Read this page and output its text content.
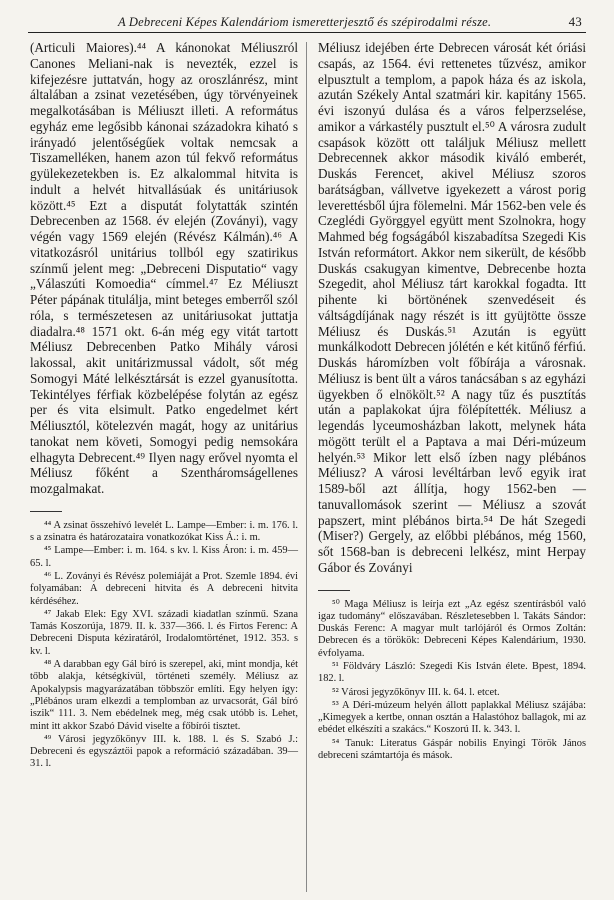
A Debreceni Képes Kalendáriom ismeretterjesztő és szépirodalmi része.	43

(Articuli Maiores).⁴⁴ A kánonokat Méliuszról Canones Meliani-nak is nevezték, ezzel is kifejezésre juttatván, hogy az oroszlánrész, mint általában a zsinat vezetésében, úgy törvényeinek megalkotásában is Méliuszt illeti. A református egyház eme legősibb kánonai századokra kiható s irányadó jelentőségűek voltak nemcsak a Tiszamelléken, hanem azon túl fekvő református gyülekezetekben is. Ez alkalommal hitvita is indult a helvét hitvallásúak és unitáriusok között.⁴⁵ Ezt a disputát folytatták szintén Debrecenben az 1568. év elején (Zoványi), vagy végén vagy 1569 elején (Révész Kálmán).⁴⁶ A vitatkozásról unitárius tollból egy szatirikus színmű jelent meg: „Debreceni Disputatio“ vagy „Válaszúti Komoedia“ címmel.⁴⁷ Ez Méliuszt Péter pápának titulálja, mint beteges emberről szól róla, s természetesen az unitáriusokat juttatja diadalra.⁴⁸ 1571 okt. 6-án még egy vitát tartott Méliusz Debrecenben Patko Mihály városi lakossal, akit unitárizmussal vádolt, sőt még Somogyi Máté lelkésztársát is ezzel gyanusította. Tekintélyes férfiak közbelépése folytán az egész per és vita elsimult. Patko engedelmet kért Méliusztól, kötelezvén magát, hogy az unitárius tanokat nem követi, Somogyi pedig nemsokára elhagyta Debrecent.⁴⁹ Ilyen nagy erővel nyomta el Méliusz főként a Szentháromságellenes mozgalmakat.

⁴⁴ A zsinat összehívó levelét L. Lampe—Ember: i. m. 176. l. s a zsinatra és határozataira vonatkozókat Kiss Á.: i. m.

⁴⁵ Lampe—Ember: i. m. 164. s kv. l. Kiss Áron: i. m. 459—65. l.

⁴⁶ L. Zoványi és Révész polemiáját a Prot. Szemle 1894. évi folyamában: A debreceni hitvita és A debreceni hitvita kérdéséhez.

⁴⁷ Jakab Elek: Egy XVI. századi kiadatlan színmű. Szana Tamás Koszorúja, 1879. II. k. 337—366. l. és Firtos Ferenc: A Debreceni Disputa kéziratáról, Irodalomtörténet, 1912. 353. s kv. l.

⁴⁸ A darabban egy Gál bíró is szerepel, aki, mint mondja, két tőbb alakja, kétségkívül, történeti személy. Méliusz az Apokalypsis magyarázatában többször említi. Egy helyen így: „Plébános uram elkezdi a templomban az urvacsorát, Gál bíró iszik“ 111. 3. Nem ebédelnek meg, még csak utóbb is. Lehet, mint itt akkor Szabó Dávid viselte a főbírói tisztet.

⁴⁹ Városi jegyzőkönyv III. k. 188. l. és S. Szabó J.: Debreceni és egyszáztöi papok a reformáció századában. 39—31. l.

Méliusz idejében érte Debrecen városát két óriási csapás, az 1564. évi rettenetes tűzvész, amikor elpusztult a templom, a papok háza és az iskola, azután Székely Antal szatmári kir. kapitány 1565. évi iszonyú dulása és a város felperzselése, amikor a várkastély pusztult el.⁵⁰ A városra zudult csapások között ott találjuk Méliusz mellett Debrecennek akkor második kiváló emberét, Duskás Ferencet, akivel Méliusz szoros barátságban, vállvetve igyekezett a várost porig leverettésből újra fölemelni. Már 1562-ben vele és Czeglédi Györggyel együtt ment Szolnokra, hogy Mahmed bég fogságából kiszabadítsa Szegedi Kis István reformátort. Akkor nem sikerült, de később Duskás csakugyan kimentve, Debrecenbe hozta Szegedit, ahol Méliusz tárt karokkal fogadta. Itt pihente ki börtönének szenvedéseit és váltságdíjának nagy részét is itt gyüjtötte össze Méliusz és Duskás.⁵¹ Azután is együtt munkálkodott Debrecen jólétén e két kitűnő férfiú. Duskás háromízben volt főbírája a városnak. Méliusz is bent ült a város tanácsában s az egyházi ügyekben ő elnökölt.⁵² A nagy tűz és pusztítás után a paplakokat újra fölépítették. Méliusz a legendás lyceumosházban lakott, melynek háta mögött terült el a Paptava a mai Déri-múzeum helyén.⁵³ Mikor lett első ízben nagy plébános Méliusz? A városi levéltárban levő egyik irat 1589-ből azt állítja, hogy 1562-ben — tanuvallomások szerint — Méliusz a szovát papszert, mint plébános birta.⁵⁴ De hát Szegedi (Miser?) Gergely, az előbbi plébános, még 1560, sőt 1568-ban is debreceni lelkész, mint Herpay Gábor és Zoványi

⁵⁰ Maga Méliusz is leírja ezt „Az egész szentírásból való igaz tudomány“ előszavában. Részletesebben l. Takáts Sándor: Duskás Ferenc: A magyar mult tarlójáról és Ormos Zoltán: Debrecen és a törökök: Debreceni Képes Kalendárium, 1930. évfolyama.

⁵¹ Földváry László: Szegedi Kis István élete. Bpest, 1894. 182. l.

⁵² Városi jegyzőkönyv III. k. 64. l. etcet.

⁵³ A Déri-múzeum helyén állott paplakkal Méliusz szájába: „Kimegyek a kertbe, onnan osztán a Halastóhoz ballagok, mi az ebédet elkészíti a szakács.“ Koszorú II. k. 343. l.

⁵⁴ Tanuk: Literatus Gáspár nobilis Enyingi Török János debreceni számtartója és mások.
